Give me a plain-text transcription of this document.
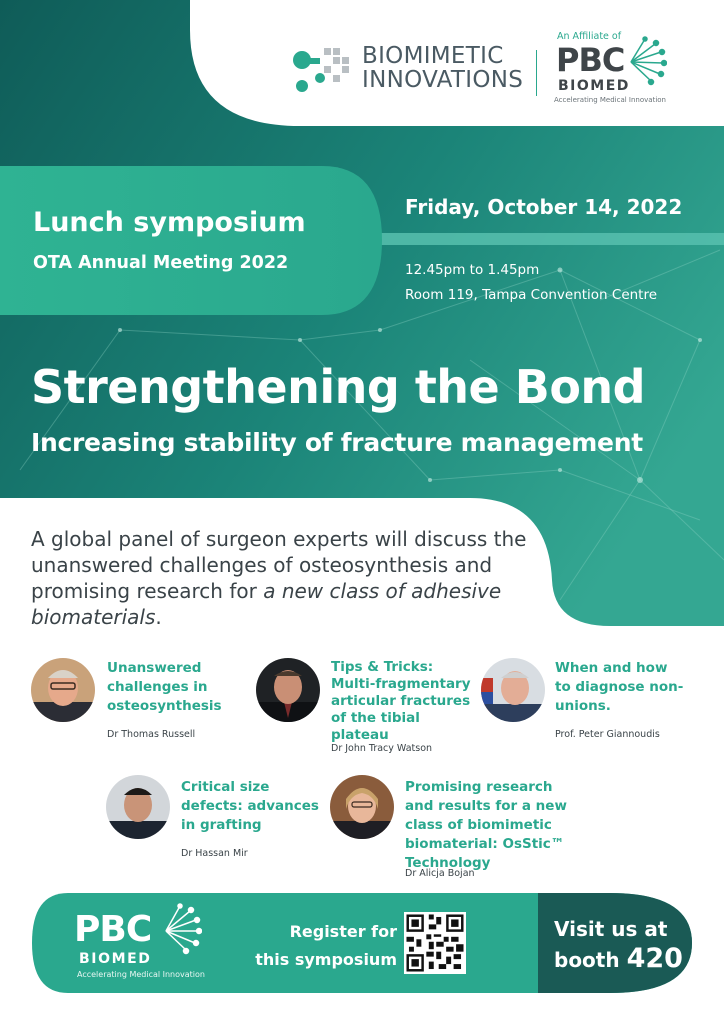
BIOMIMETIC
INNOVATIONS
An Affiliate of
PBC
BIOMED
Accelerating Medical Innovation
Lunch symposium
OTA Annual Meeting 2022
Friday, October 14, 2022
12.45pm to 1.45pm
Room 119, Tampa Convention Centre
Strengthening the Bond
Increasing stability of fracture management
A global panel of surgeon experts will discuss the unanswered challenges of osteosynthesis and promising research for a new class of adhesive biomaterials.
Unanswered challenges in osteosynthesis
Dr Thomas Russell
Tips & Tricks: Multi-fragmentary articular fractures of the tibial plateau
Dr John Tracy Watson
When and how to diagnose non-unions.
Prof. Peter Giannoudis
Critical size defects: advances in grafting
Dr Hassan Mir
Promising research and results for a new class of biomimetic biomaterial: OsStic™ Technology
Dr Alicja Bojan
PBC
BIOMED
Accelerating Medical Innovation
Register for this symposium
Visit us at
booth 420
